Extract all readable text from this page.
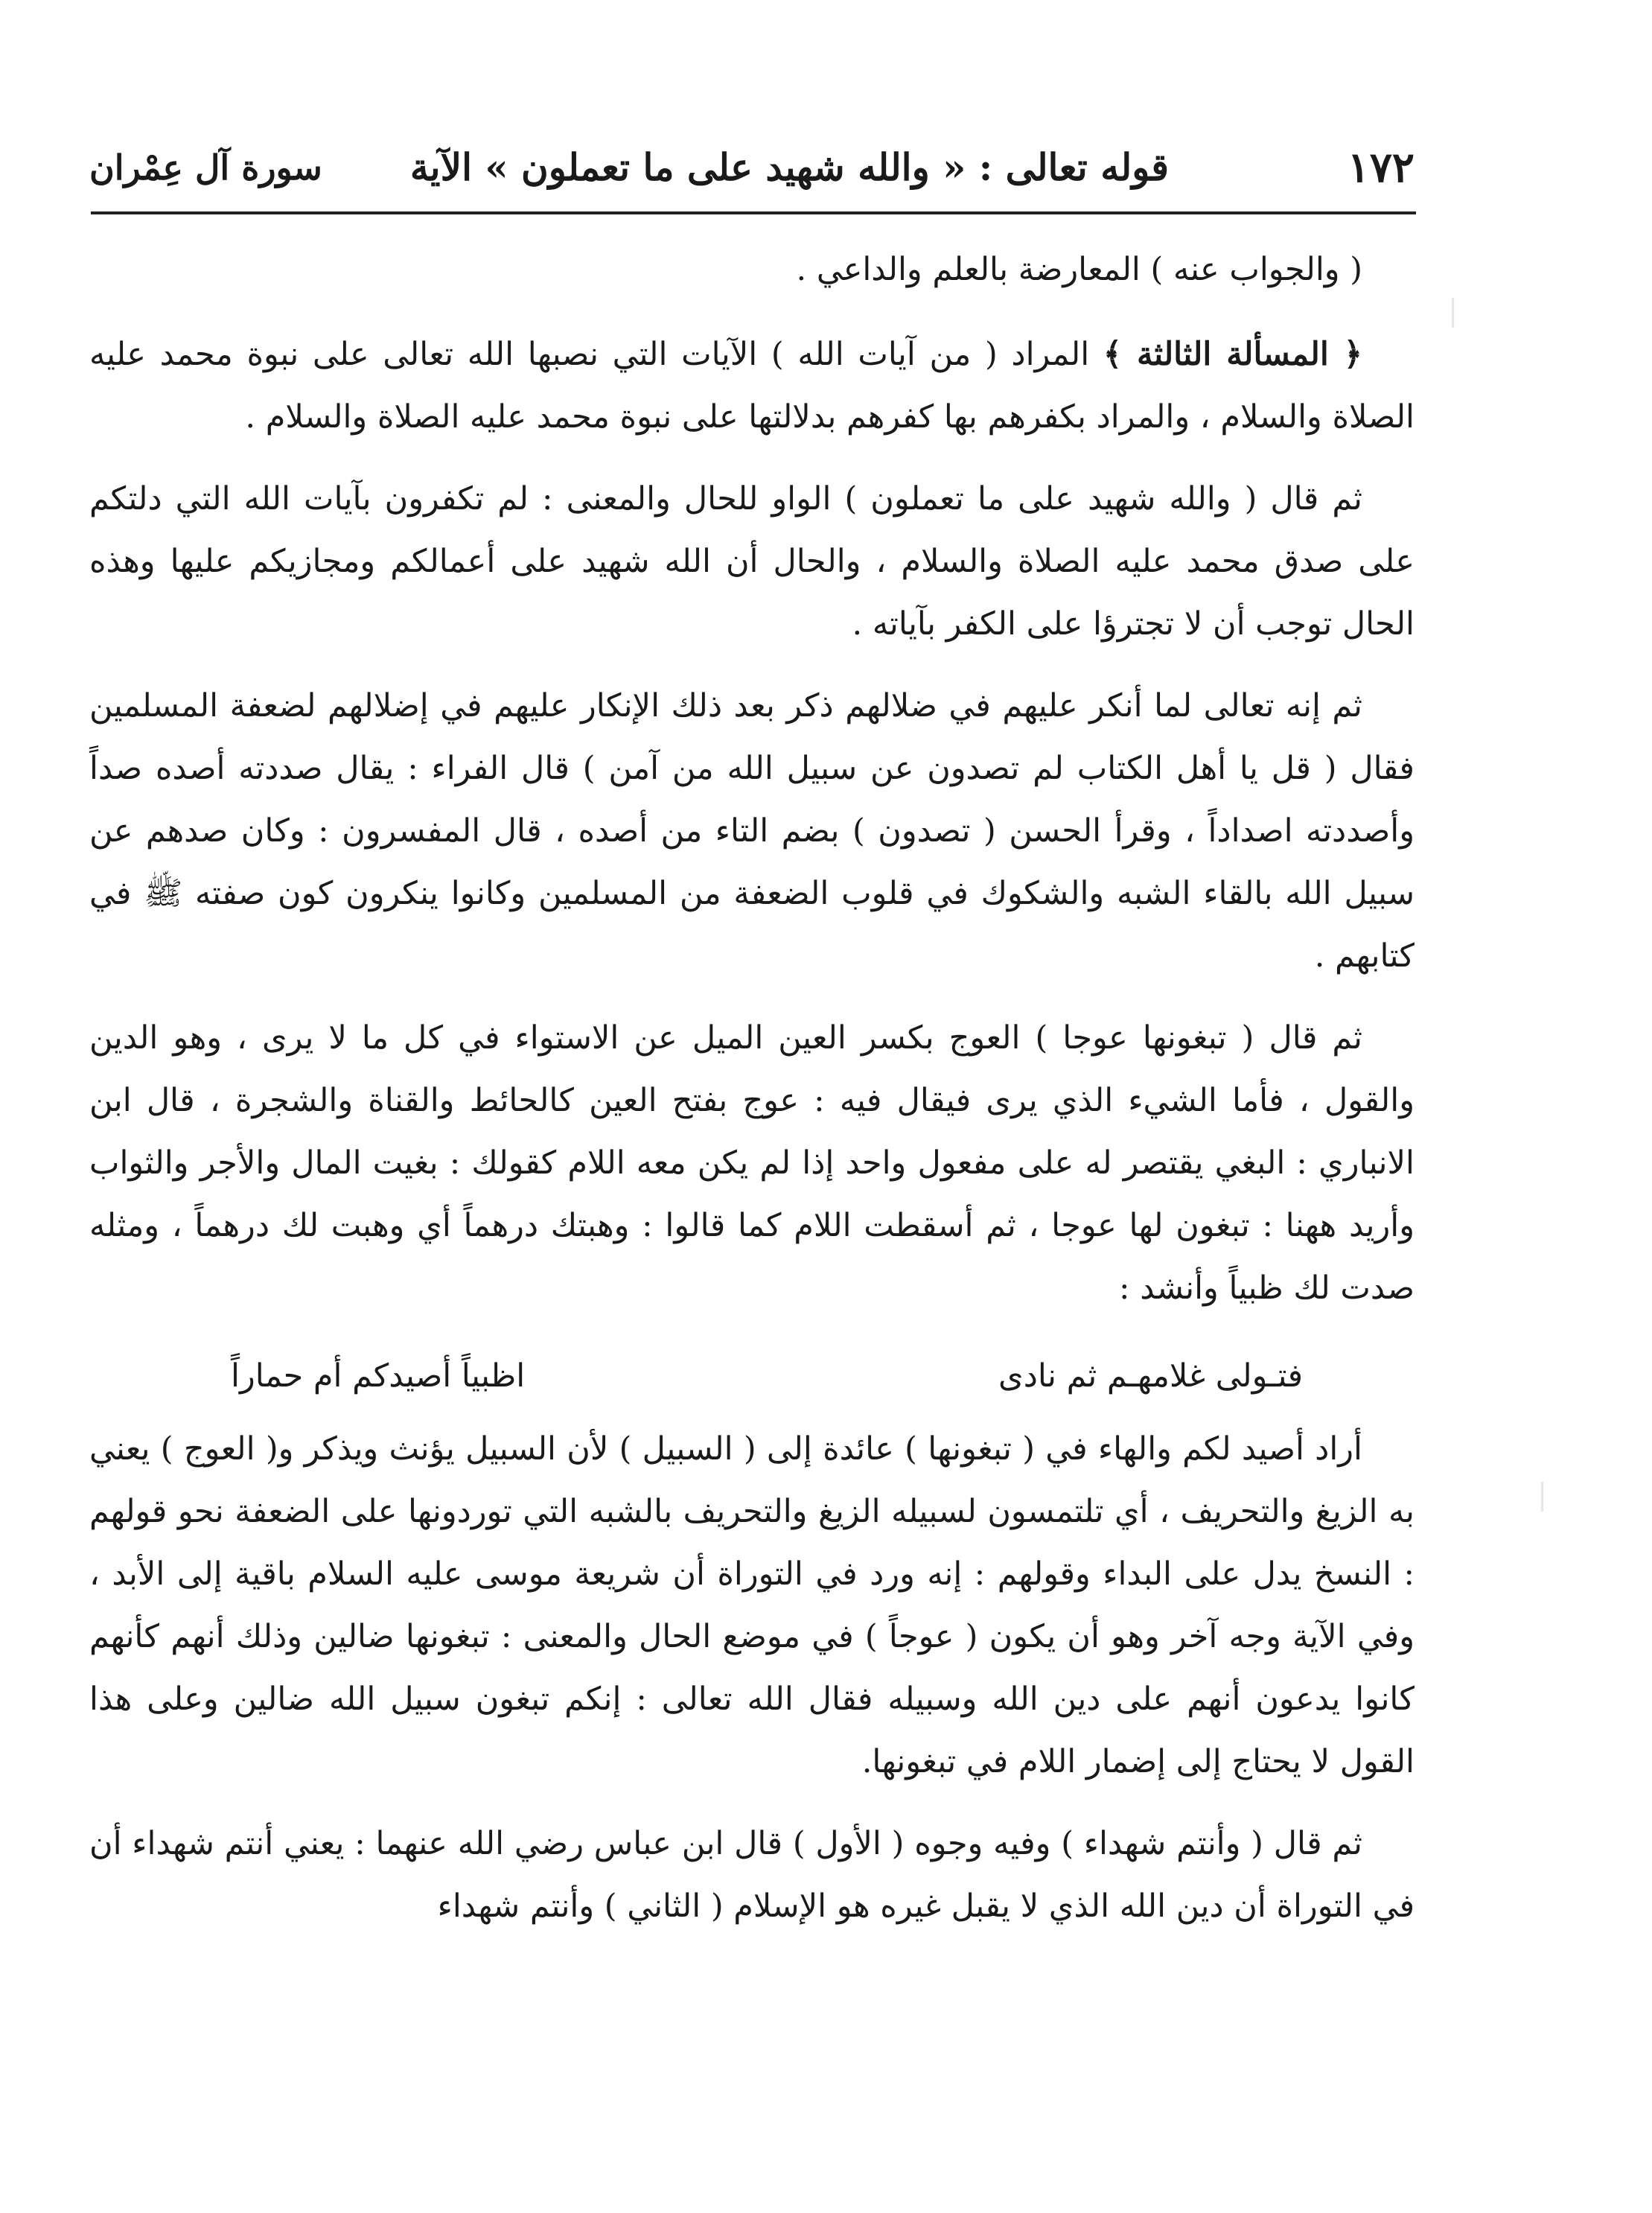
١٧٢
قوله تعالى : « والله شهيد على ما تعملون » الآية
سورة آل عِمْران

( والجواب عنه ) المعارضة بالعلم والداعي .

﴿ المسألة الثالثة ﴾ المراد ( من آيات الله ) الآيات التي نصبها الله تعالى على نبوة محمد عليه الصلاة والسلام ، والمراد بكفرهم بها كفرهم بدلالتها على نبوة محمد عليه الصلاة والسلام .

ثم قال ( والله شهيد على ما تعملون ) الواو للحال والمعنى : لم تكفرون بآيات الله التي دلتكم على صدق محمد عليه الصلاة والسلام ، والحال أن الله شهيد على أعمالكم ومجازيكم عليها وهذه الحال توجب أن لا تجترؤا على الكفر بآياته .

ثم إنه تعالى لما أنكر عليهم في ضلالهم ذكر بعد ذلك الإنكار عليهم في إضلالهم لضعفة المسلمين فقال ( قل يا أهل الكتاب لم تصدون عن سبيل الله من آمن ) قال الفراء : يقال صددته أصده صداً وأصددته اصداداً ، وقرأ الحسن ( تصدون ) بضم التاء من أصده ، قال المفسرون : وكان صدهم عن سبيل الله بالقاء الشبه والشكوك في قلوب الضعفة من المسلمين وكانوا ينكرون كون صفته ﷺ في كتابهم .

ثم قال ( تبغونها عوجا ) العوج بكسر العين الميل عن الاستواء في كل ما لا يرى ، وهو الدين والقول ، فأما الشيء الذي يرى فيقال فيه : عوج بفتح العين كالحائط والقناة والشجرة ، قال ابن الانباري : البغي يقتصر له على مفعول واحد إذا لم يكن معه اللام كقولك : بغيت المال والأجر والثواب وأريد ههنا : تبغون لها عوجا ، ثم أسقطت اللام كما قالوا : وهبتك درهماً أي وهبت لك درهماً ، ومثله صدت لك ظبياً وأنشد :

فتـولى غلامهـم ثم نادى
اظبياً أصيدكم أم حماراً

أراد أصيد لكم والهاء في ( تبغونها ) عائدة إلى ( السبيل ) لأن السبيل يؤنث ويذكر و( العوج ) يعني به الزيغ والتحريف ، أي تلتمسون لسبيله الزيغ والتحريف بالشبه التي توردونها على الضعفة نحو قولهم : النسخ يدل على البداء وقولهم : إنه ورد في التوراة أن شريعة موسى عليه السلام باقية إلى الأبد ، وفي الآية وجه آخر وهو أن يكون ( عوجاً ) في موضع الحال والمعنى : تبغونها ضالين وذلك أنهم كأنهم كانوا يدعون أنهم على دين الله وسبيله فقال الله تعالى : إنكم تبغون سبيل الله ضالين وعلى هذا القول لا يحتاج إلى إضمار اللام في تبغونها.

ثم قال ( وأنتم شهداء ) وفيه وجوه ( الأول ) قال ابن عباس رضي الله عنهما : يعني أنتم شهداء أن في التوراة أن دين الله الذي لا يقبل غيره هو الإسلام ( الثاني ) وأنتم شهداء
